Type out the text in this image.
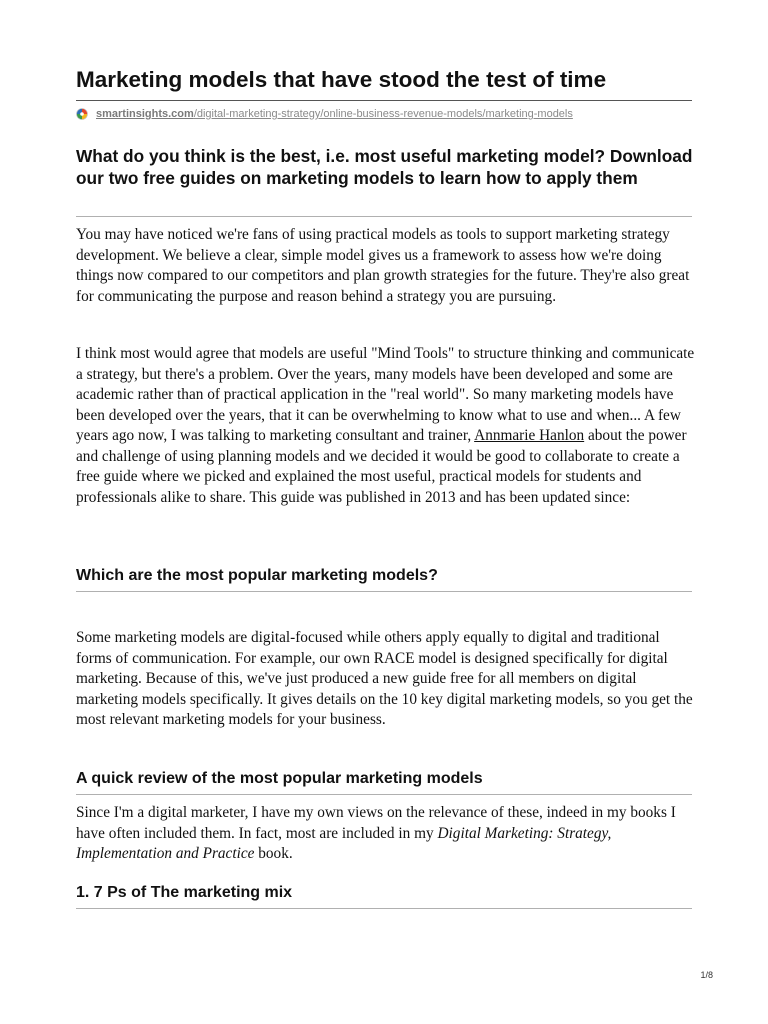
Marketing models that have stood the test of time
smartinsights.com /digital-marketing-strategy/online-business-revenue-models/marketing-models
What do you think is the best, i.e. most useful marketing model? Download our two free guides on marketing models to learn how to apply them

You may have noticed we're fans of using practical models as tools to support marketing strategy development. We believe a clear, simple model gives us a framework to assess how we're doing things now compared to our competitors and plan growth strategies for the future. They're also great for communicating the purpose and reason behind a strategy you are pursuing.

I think most would agree that models are useful "Mind Tools" to structure thinking and communicate a strategy, but there's a problem. Over the years, many models have been developed and some are academic rather than of practical application in the "real world". So many marketing models have been developed over the years, that it can be overwhelming to know what to use and when... A few years ago now, I was talking to marketing consultant and trainer, Annmarie Hanlon about the power and challenge of using planning models and we decided it would be good to collaborate to create a free guide where we picked and explained the most useful, practical models for students and professionals alike to share. This guide was published in 2013 and has been updated since:

Which are the most popular marketing models?

Some marketing models are digital-focused while others apply equally to digital and traditional forms of communication. For example, our own RACE model is designed specifically for digital marketing. Because of this, we've just produced a new guide free for all members on digital marketing models specifically. It gives details on the 10 key digital marketing models, so you get the most relevant marketing models for your business.

A quick review of the most popular marketing models

Since I'm a digital marketer, I have my own views on the relevance of these, indeed in my books I have often included them. In fact, most are included in my Digital Marketing: Strategy, Implementation and Practice book.

1. 7 Ps of The marketing mix
1/8
